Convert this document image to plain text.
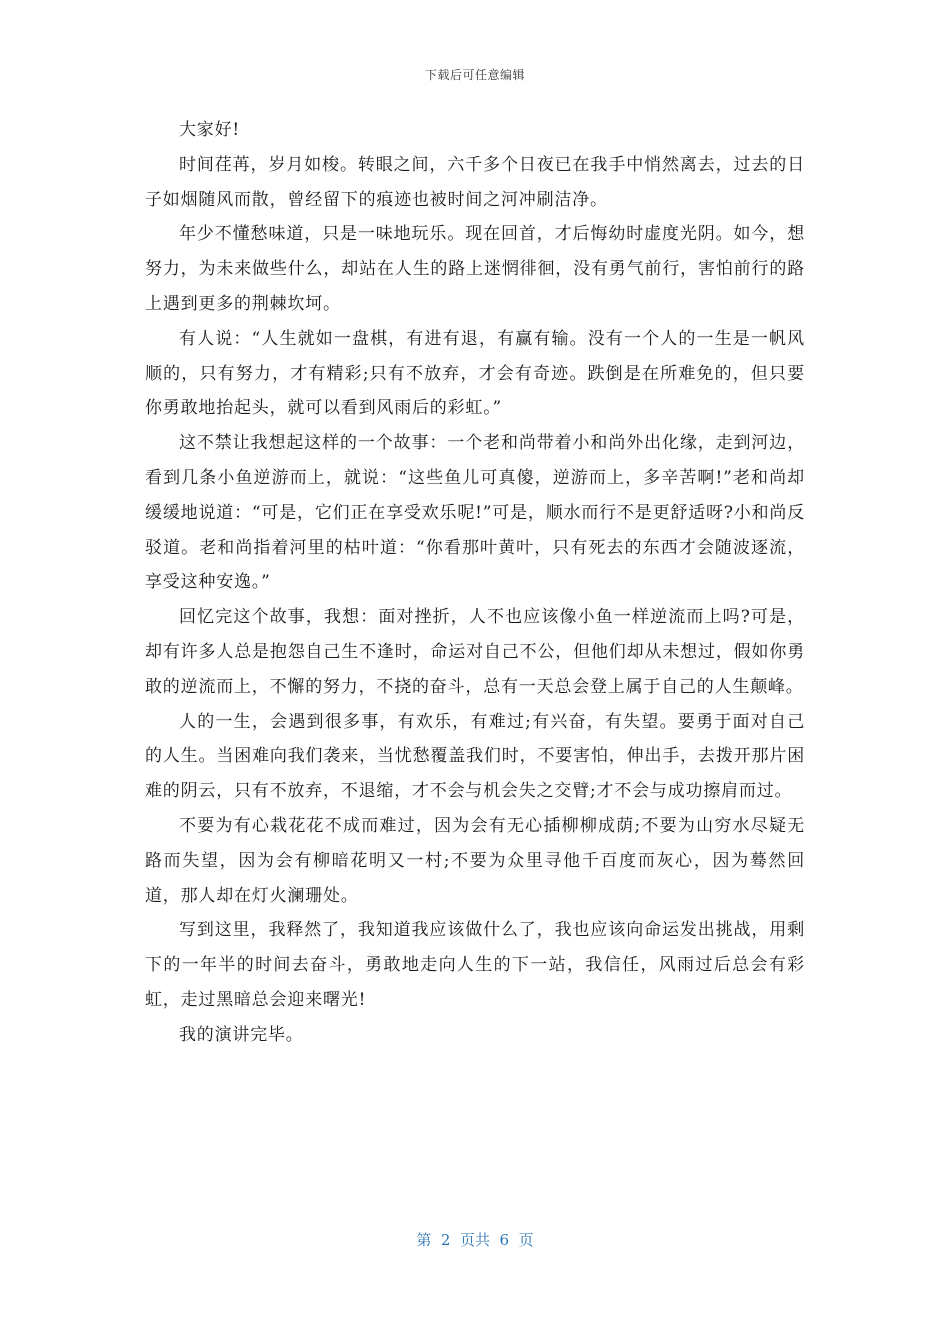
下载后可任意编辑

大家好!

时间荏苒，岁月如梭。转眼之间，六千多个日夜已在我手中悄然离去，过去的日子如烟随风而散，曾经留下的痕迹也被时间之河冲刷洁净。

年少不懂愁味道，只是一味地玩乐。现在回首，才后悔幼时虚度光阴。如今，想努力，为未来做些什么，却站在人生的路上迷惘徘徊，没有勇气前行，害怕前行的路上遇到更多的荆棘坎坷。

有人说：“人生就如一盘棋，有进有退，有赢有输。没有一个人的一生是一帆风顺的，只有努力，才有精彩;只有不放弃，才会有奇迹。跌倒是在所难免的，但只要你勇敢地抬起头，就可以看到风雨后的彩虹。”

这不禁让我想起这样的一个故事：一个老和尚带着小和尚外出化缘，走到河边，看到几条小鱼逆游而上，就说：“这些鱼儿可真傻，逆游而上，多辛苦啊!”老和尚却缓缓地说道：“可是，它们正在享受欢乐呢!”可是，顺水而行不是更舒适呀?小和尚反驳道。老和尚指着河里的枯叶道：“你看那叶黄叶，只有死去的东西才会随波逐流，享受这种安逸。”

回忆完这个故事，我想：面对挫折，人不也应该像小鱼一样逆流而上吗?可是，却有许多人总是抱怨自己生不逢时，命运对自己不公，但他们却从未想过，假如你勇敢的逆流而上，不懈的努力，不挠的奋斗，总有一天总会登上属于自己的人生颠峰。

人的一生，会遇到很多事，有欢乐，有难过;有兴奋，有失望。要勇于面对自己的人生。当困难向我们袭来，当忧愁覆盖我们时，不要害怕，伸出手，去拨开那片困难的阴云，只有不放弃，不退缩，才不会与机会失之交臂;才不会与成功擦肩而过。

不要为有心栽花花不成而难过，因为会有无心插柳柳成荫;不要为山穷水尽疑无路而失望，因为会有柳暗花明又一村;不要为众里寻他千百度而灰心，因为蓦然回道，那人却在灯火澜珊处。

写到这里，我释然了，我知道我应该做什么了，我也应该向命运发出挑战，用剩下的一年半的时间去奋斗，勇敢地走向人生的下一站，我信任，风雨过后总会有彩虹，走过黑暗总会迎来曙光!

我的演讲完毕。

第  2  页共  6  页
